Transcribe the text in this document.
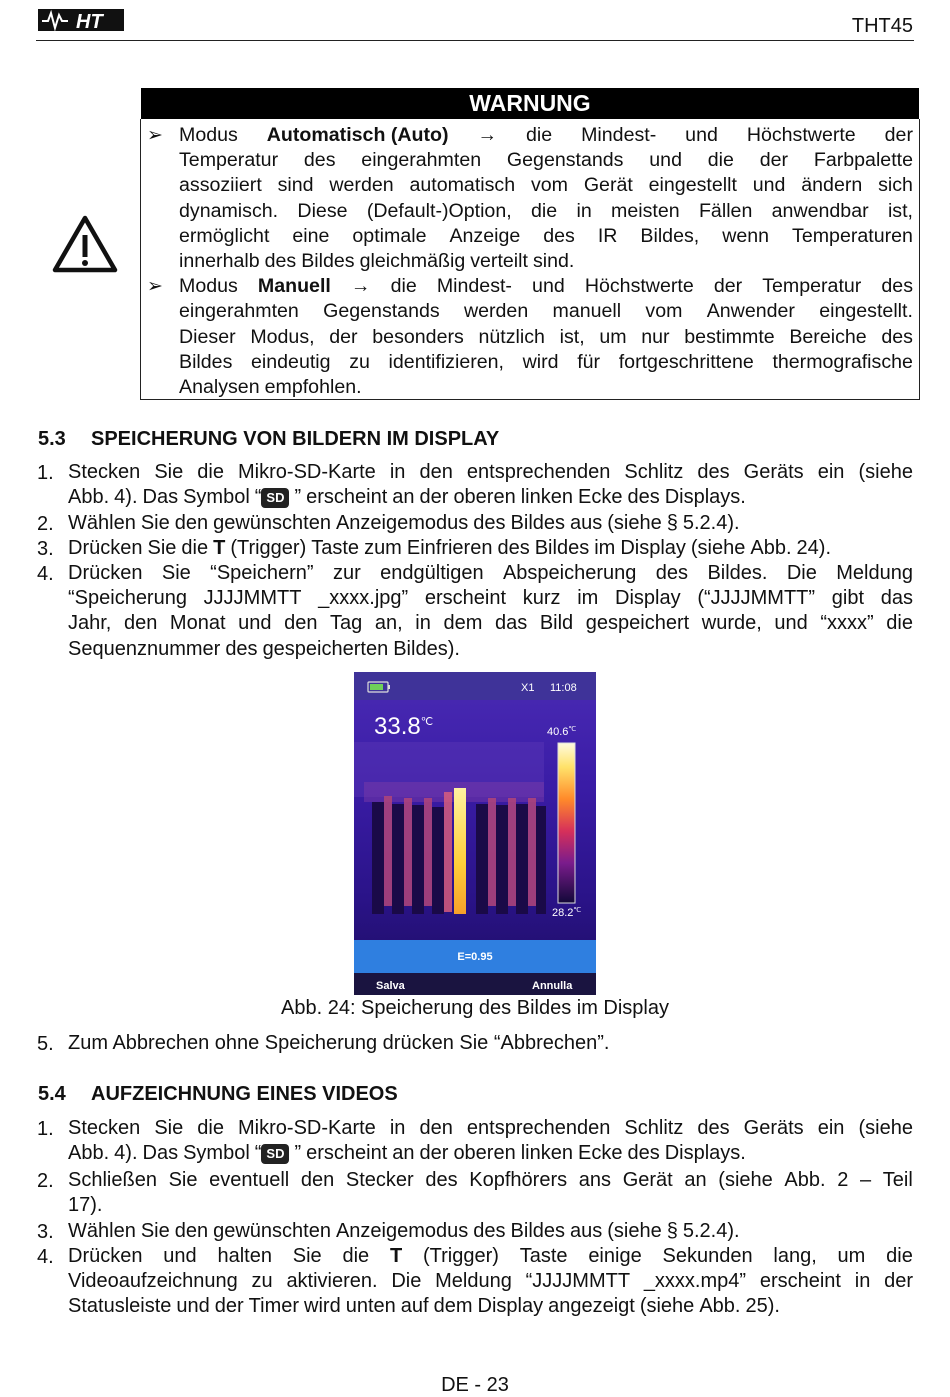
HT	THT45
WARNUNG
➢ Modus Automatisch (Auto) → die Mindest- und Höchstwerte der
Temperatur des eingerahmten Gegenstands und die der Farbpalette
assoziiert sind werden automatisch vom Gerät eingestellt und ändern sich
dynamisch. Diese (Default-)Option, die in meisten Fällen anwendbar ist,
ermöglicht eine optimale Anzeige des IR Bildes, wenn Temperaturen
innerhalb des Bildes gleichmäßig verteilt sind.
➢ Modus Manuell → die Mindest- und Höchstwerte der Temperatur des
eingerahmten Gegenstands werden manuell vom Anwender eingestellt.
Dieser Modus, der besonders nützlich ist, um nur bestimmte Bereiche des
Bildes eindeutig zu identifizieren, wird für fortgeschrittene thermografische
Analysen empfohlen.
5.3 SPEICHERUNG VON BILDERN IM DISPLAY
1. Stecken Sie die Mikro-SD-Karte in den entsprechenden Schlitz des Geräts ein (siehe
Abb. 4). Das Symbol “ SD ” erscheint an der oberen linken Ecke des Displays.
2. Wählen Sie den gewünschten Anzeigemodus des Bildes aus (siehe § 5.2.4).
3. Drücken Sie die T (Trigger) Taste zum Einfrieren des Bildes im Display (siehe Abb. 24).
4. Drücken Sie “Speichern” zur endgültigen Abspeicherung des Bildes. Die Meldung
“Speicherung JJJJMMTT _xxxx.jpg” erscheint kurz im Display (“JJJJMMTT” gibt das
Jahr, den Monat und den Tag an, in dem das Bild gespeichert wurde, und “xxxx” die
Sequenznummer des gespeicherten Bildes).
X1 11:08
33.8℃
40.6℃
28.2℃
E=0.95
Salva	Annulla
Abb. 24: Speicherung des Bildes im Display
5. Zum Abbrechen ohne Speicherung drücken Sie “Abbrechen”.
5.4 AUFZEICHNUNG EINES VIDEOS
1. Stecken Sie die Mikro-SD-Karte in den entsprechenden Schlitz des Geräts ein (siehe
Abb. 4). Das Symbol “ SD ” erscheint an der oberen linken Ecke des Displays.
2. Schließen Sie eventuell den Stecker des Kopfhörers ans Gerät an (siehe Abb. 2 – Teil
17).
3. Wählen Sie den gewünschten Anzeigemodus des Bildes aus (siehe § 5.2.4).
4. Drücken und halten Sie die T (Trigger) Taste einige Sekunden lang, um die
Videoaufzeichnung zu aktivieren. Die Meldung “JJJJMMTT _xxxx.mp4” erscheint in der
Statusleiste und der Timer wird unten auf dem Display angezeigt (siehe Abb. 25).
DE - 23
